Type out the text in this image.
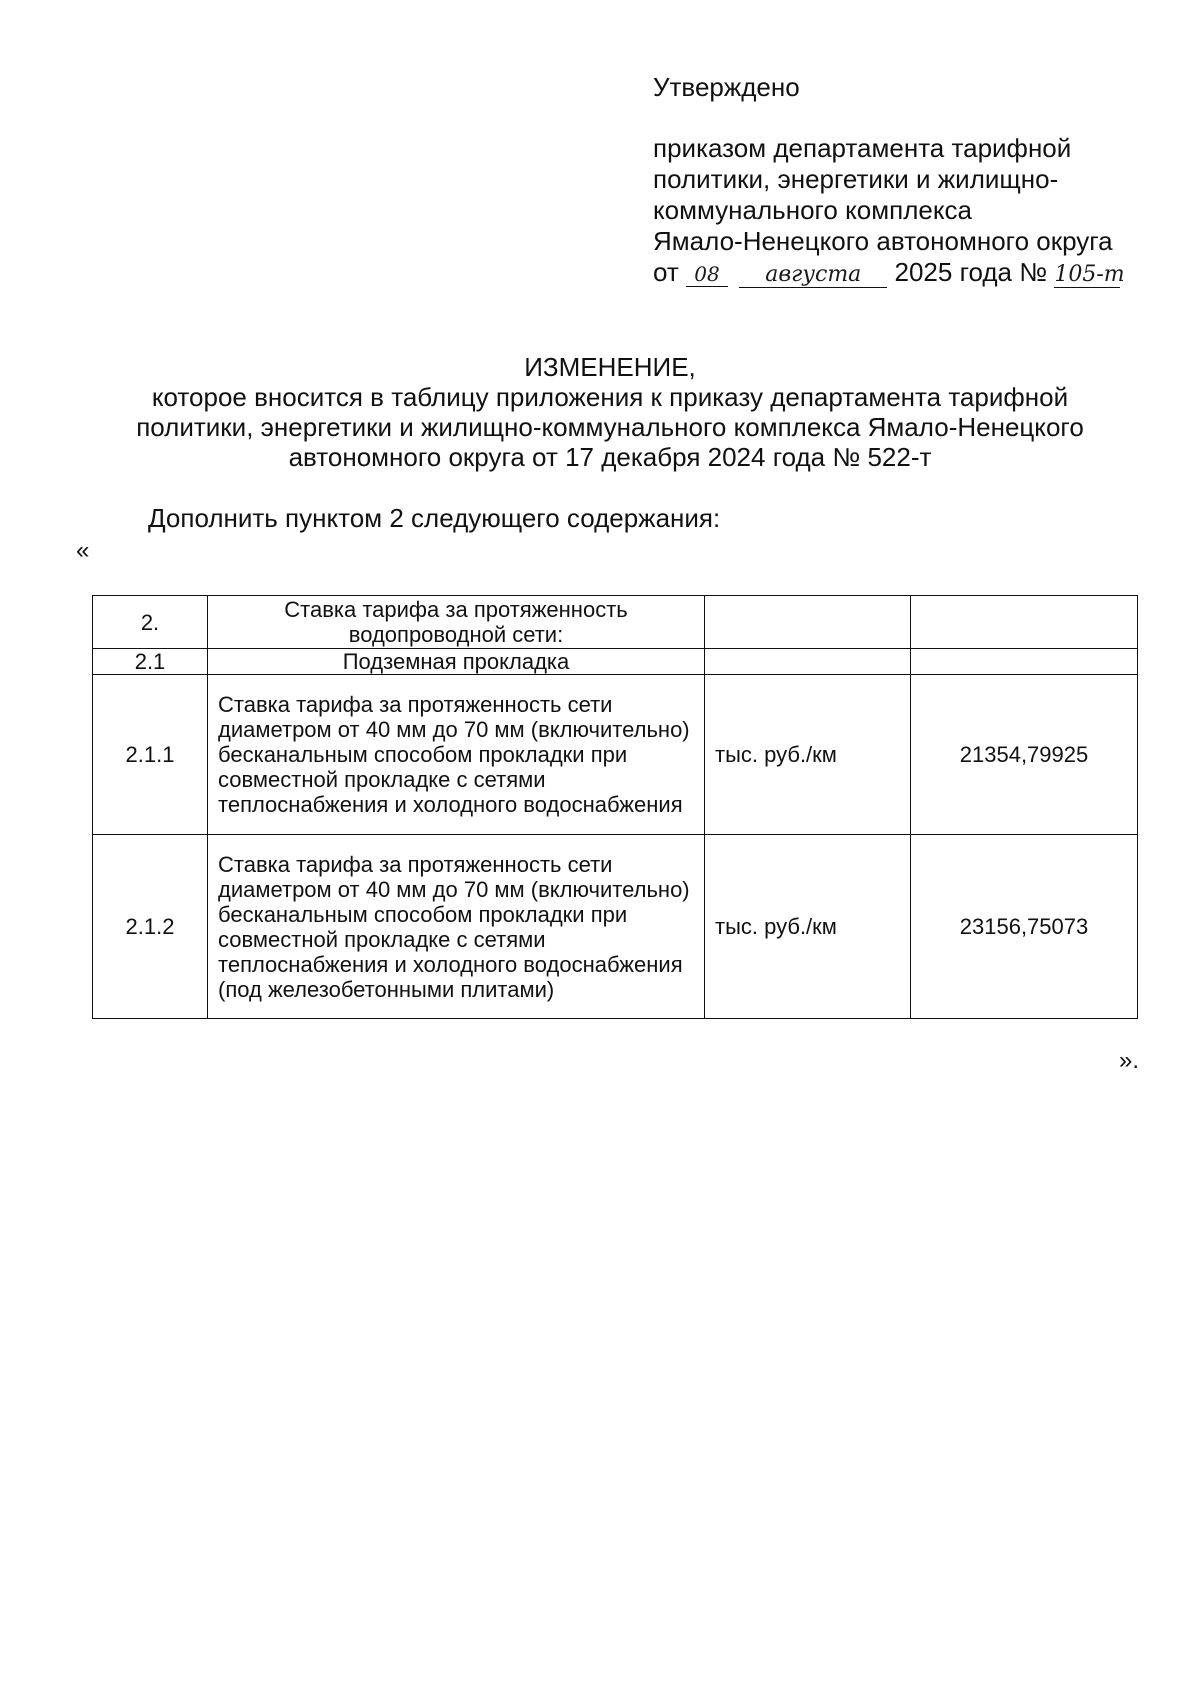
Утверждено
приказом департамента тарифной
политики, энергетики и жилищно-
коммунального комплекса
Ямало-Ненецкого автономного округа
от 08 августа 2025 года № 105-т
ИЗМЕНЕНИЕ,
которое вносится в таблицу приложения к приказу департамента тарифной
политики, энергетики и жилищно-коммунального комплекса Ямало-Ненецкого
автономного округа от 17 декабря 2024 года № 522-т
Дополнить пунктом 2 следующего содержания:
«
2.	Ставка тарифа за протяженность водопроводной сети:		
2.1	Подземная прокладка		
2.1.1	Ставка тарифа за протяженность сети диаметром от 40 мм до 70 мм (включительно) бесканальным способом прокладки при совместной прокладке с сетями теплоснабжения и холодного водоснабжения	тыс. руб./км	21354,79925
2.1.2	Ставка тарифа за протяженность сети диаметром от 40 мм до 70 мм (включительно) бесканальным способом прокладки при совместной прокладке с сетями теплоснабжения и холодного водоснабжения (под железобетонными плитами)	тыс. руб./км	23156,75073
».
